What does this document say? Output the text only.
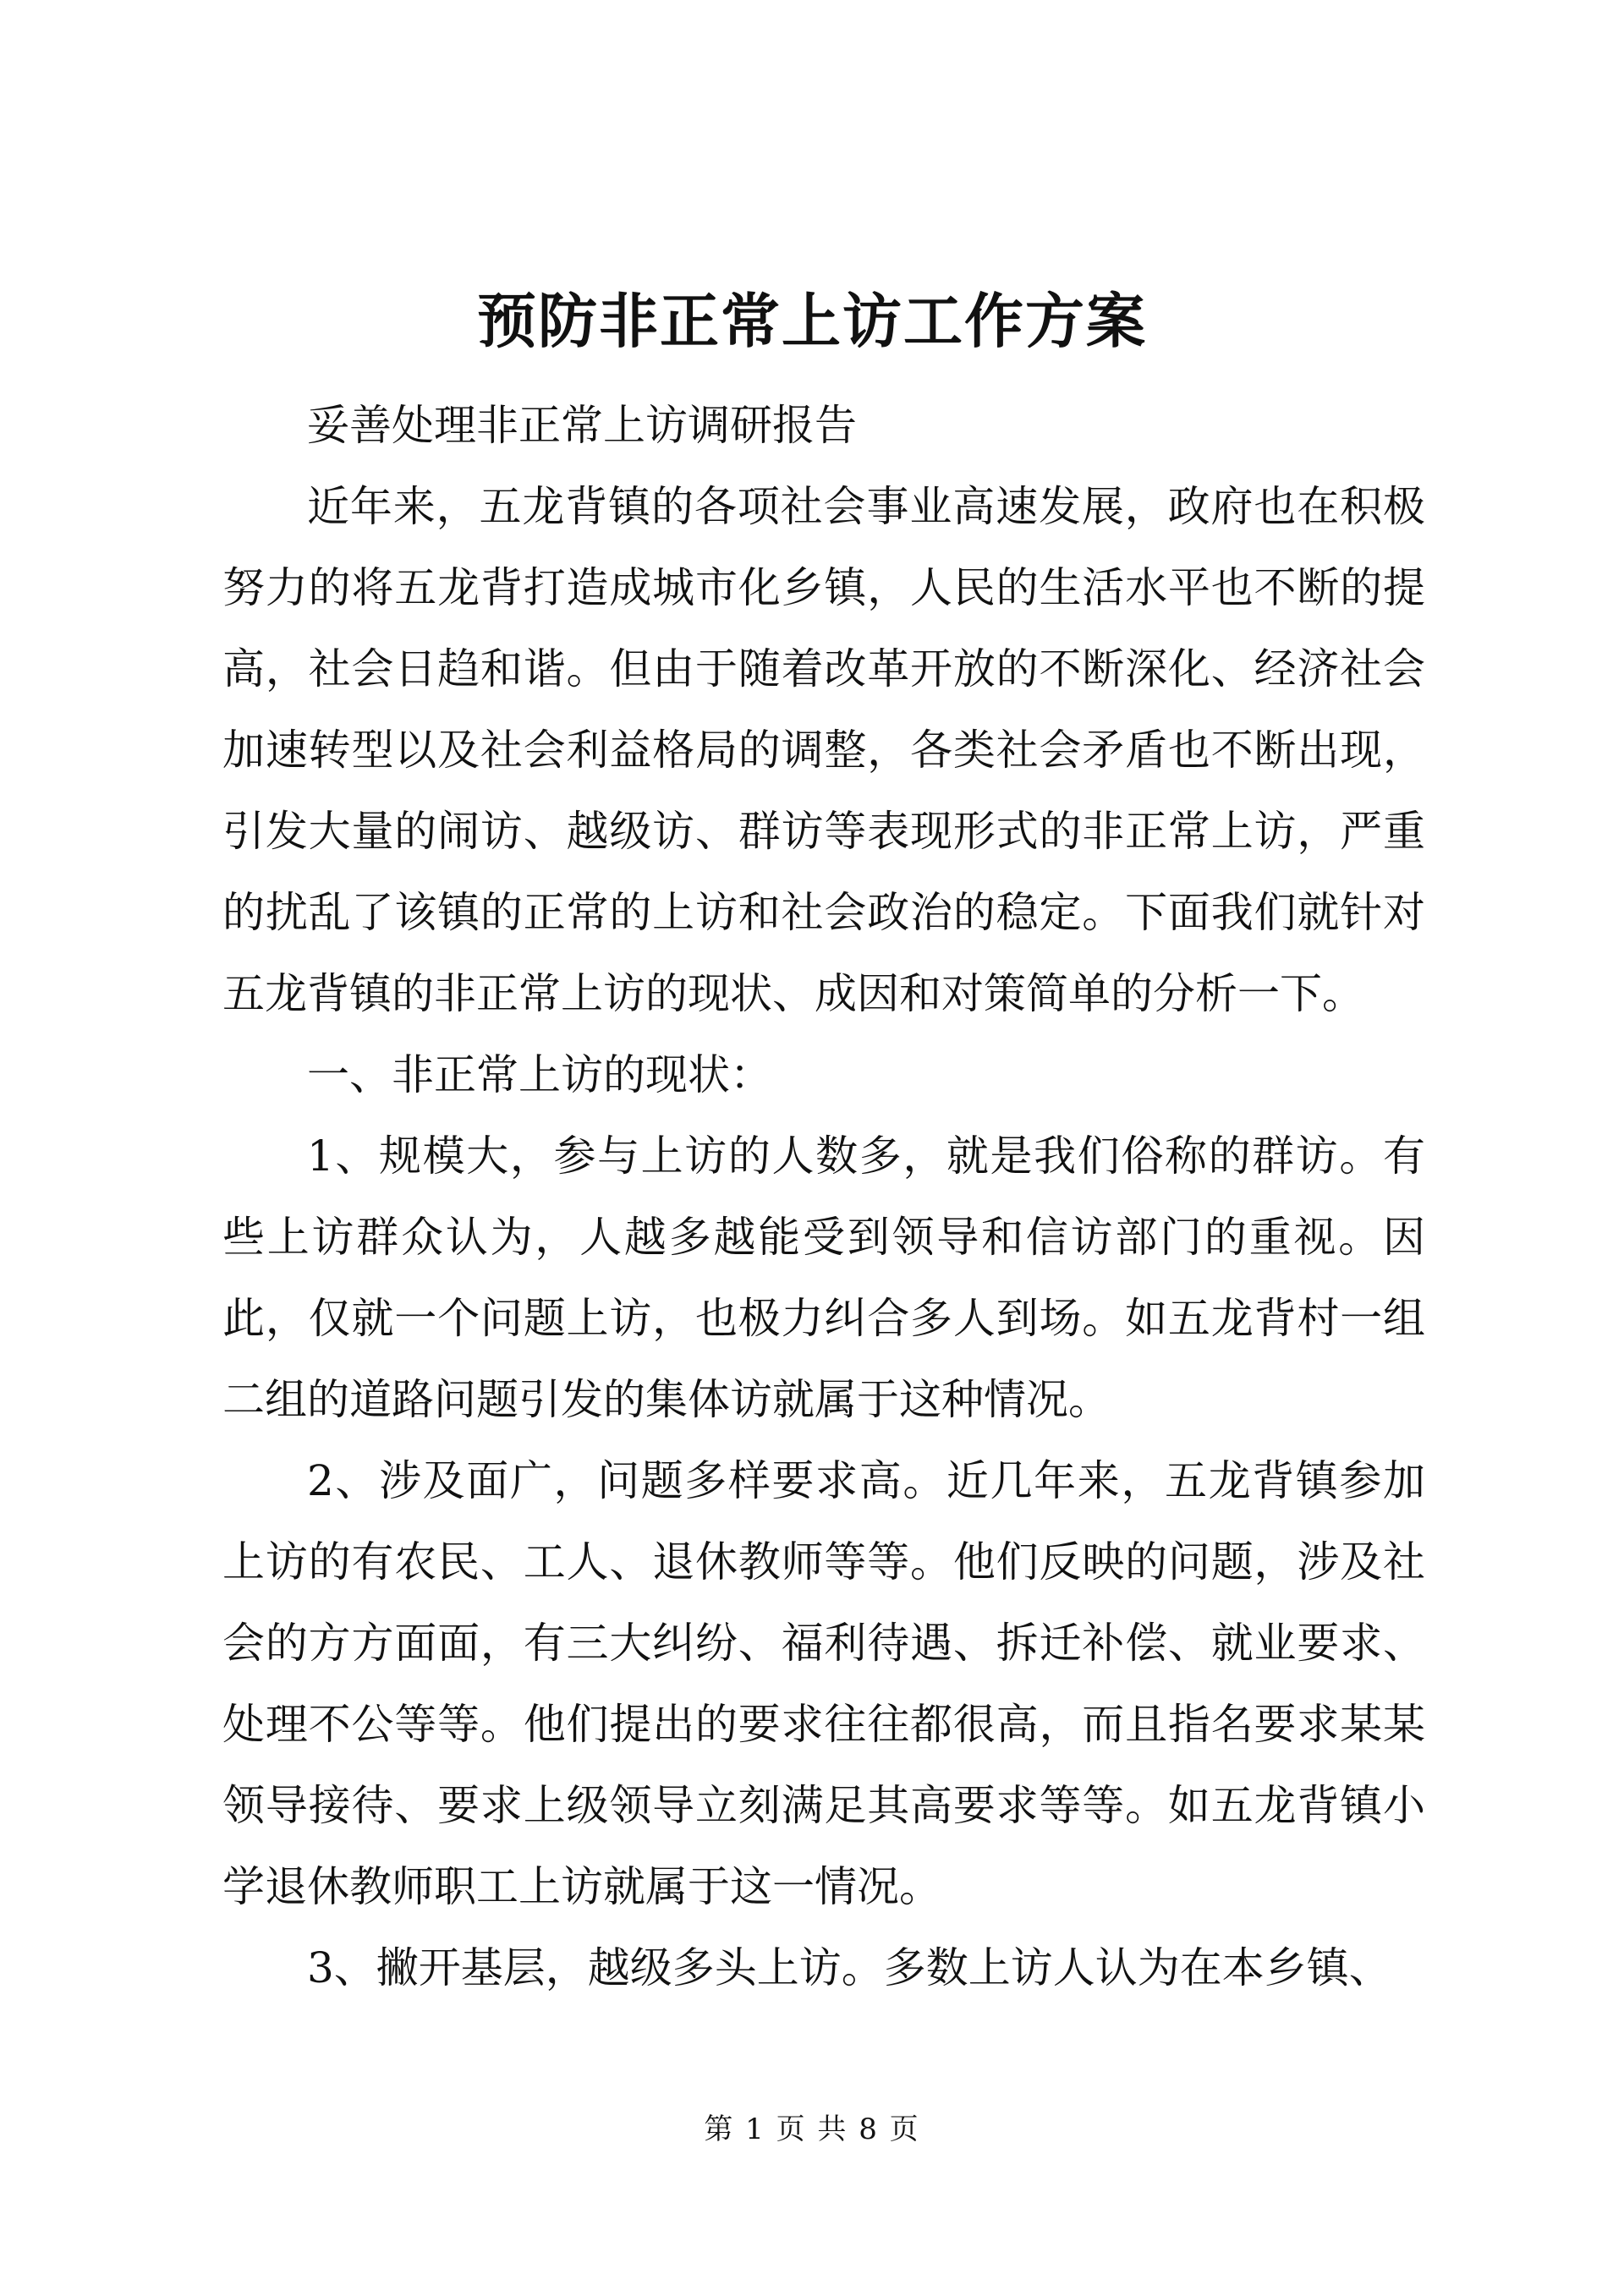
预防非正常上访工作方案

妥善处理非正常上访调研报告

近年来，五龙背镇的各项社会事业高速发展，政府也在积极努力的将五龙背打造成城市化乡镇，人民的生活水平也不断的提高，社会日趋和谐。但由于随着改革开放的不断深化、经济社会加速转型以及社会利益格局的调整，各类社会矛盾也不断出现，引发大量的闹访、越级访、群访等表现形式的非正常上访，严重的扰乱了该镇的正常的上访和社会政治的稳定。下面我们就针对五龙背镇的非正常上访的现状、成因和对策简单的分析一下。

一、非正常上访的现状：

1、规模大，参与上访的人数多，就是我们俗称的群访。有些上访群众认为，人越多越能受到领导和信访部门的重视。因此，仅就一个问题上访，也极力纠合多人到场。如五龙背村一组二组的道路问题引发的集体访就属于这种情况。

2、涉及面广，问题多样要求高。近几年来，五龙背镇参加上访的有农民、工人、退休教师等等。他们反映的问题，涉及社会的方方面面，有三大纠纷、福利待遇、拆迁补偿、就业要求、处理不公等等。他们提出的要求往往都很高，而且指名要求某某领导接待、要求上级领导立刻满足其高要求等等。如五龙背镇小学退休教师职工上访就属于这一情况。

3、撇开基层，越级多头上访。多数上访人认为在本乡镇、

第 1 页 共 8 页
